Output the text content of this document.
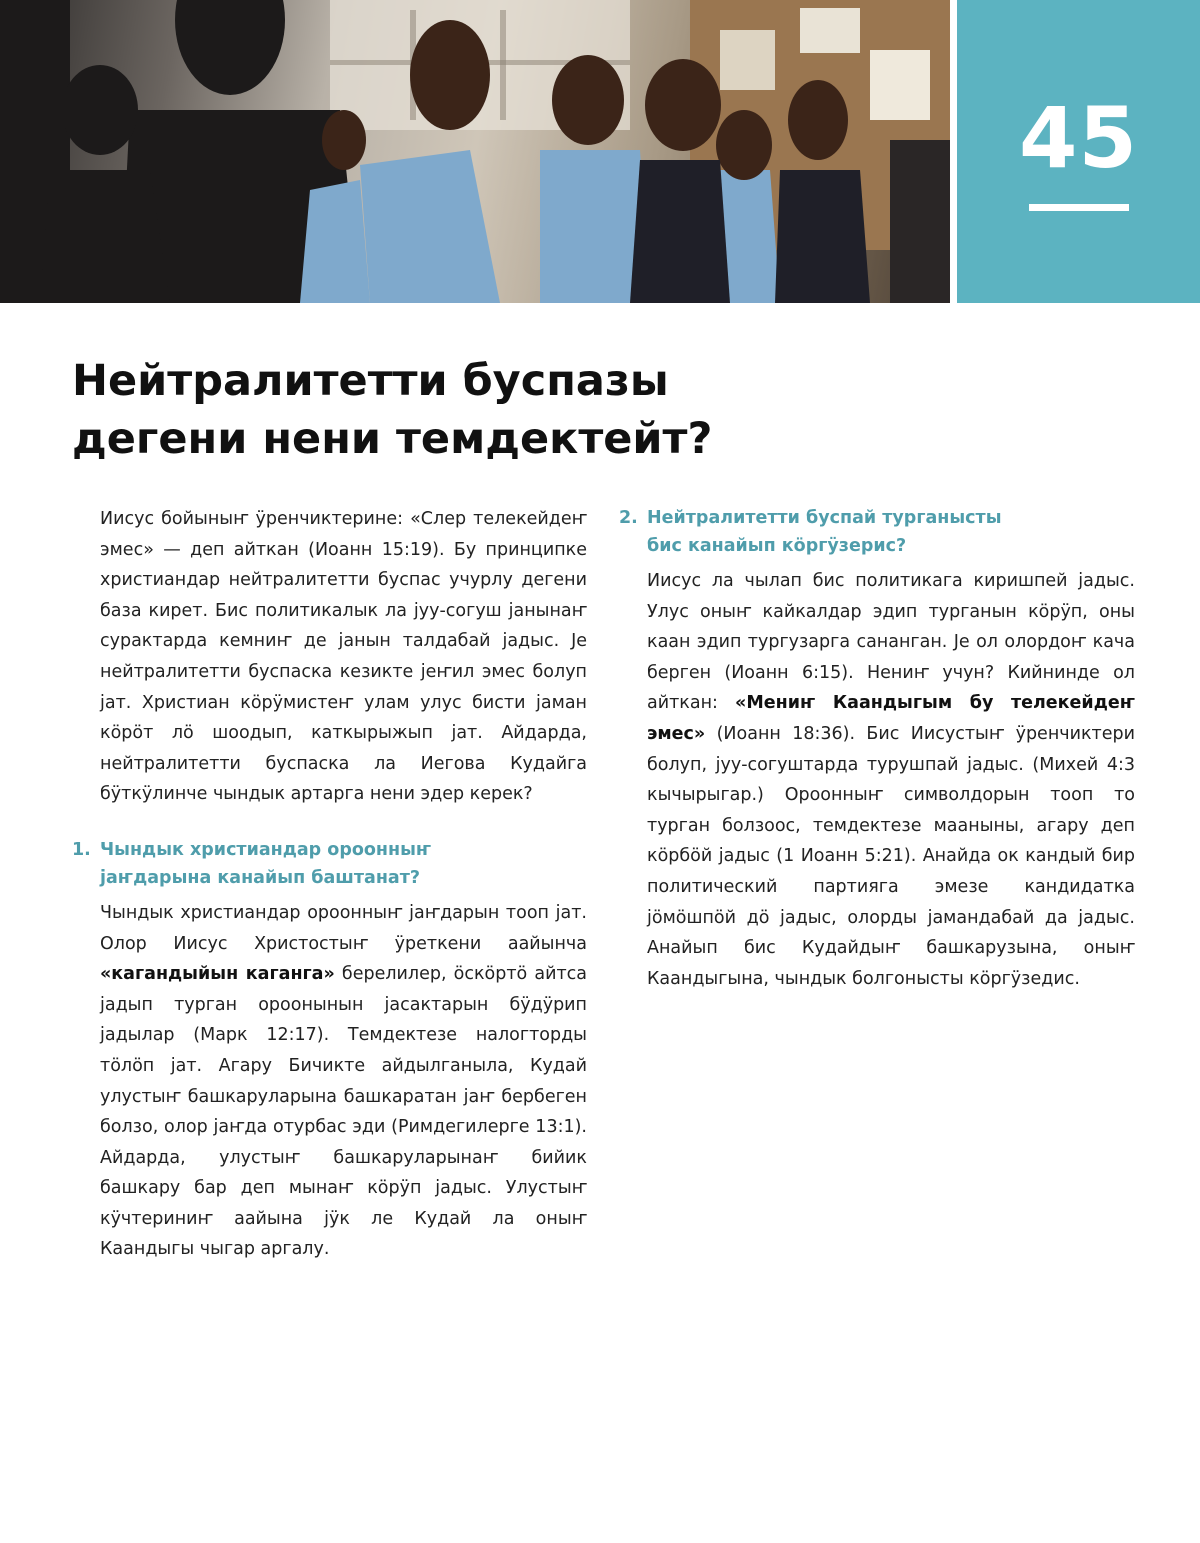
45
Нейтралитетти буспазы
дегени нени темдектейт?

Иисус бойыныҥ ӱренчиктерине: «Слер телекейдеҥ эмес» — деп айткан (Иоанн 15:19). Бу принципке христиандар нейтралитетти буспас учурлу дегени база кирет. Бис политикалык ла јуу-согуш јанынаҥ сурактарда кемниҥ де јанын талдабай јадыс. Је нейтралитетти буспаска кезикте јеҥил эмес болуп јат. Христиан кӧрӱмистеҥ улам улус бисти јаман кӧрӧт лӧ шоодып, каткырыжып јат. Айдарда, нейтралитетти буспаска ла Иегова Кудайга бӱткӱлинче чындык артарга нени эдер керек?

1. Чындык христиандар ороонныҥ
јаҥдарына канайып баштанат?

Чындык христиандар ороонныҥ јаҥдарын тооп јат. Олор Иисус Христостыҥ ӱреткени аайынча «кагандыйын каганга» берелилер, ӧскӧртӧ айтса јадып турган ороонынын јасактарын бӱдӱрип јадылар (Марк 12:17). Темдектезе налогторды тӧлӧп јат. Агару Бичикте айдылганыла, Кудай улустыҥ башкаруларына башкаратан јаҥ бербеген болзо, олор јаҥда отурбас эди (Римдегилерге 13:1). Айдарда, улустыҥ башкаруларынаҥ бийик башкару бар деп мынаҥ кӧрӱп јадыс. Улустыҥ кӱчтериниҥ аайына јӱк ле Кудай ла оныҥ Каандыгы чыгар аргалу.

2. Нейтралитетти буспай турганысты
бис канайып кӧргӱзерис?

Иисус ла чылап бис политикага киришпей јадыс. Улус оныҥ кайкалдар эдип турганын кӧрӱп, оны каан эдип тургузарга сананган. Је ол олордоҥ кача берген (Иоанн 6:15). Нениҥ учун? Кийнинде ол айткан: «Мениҥ Каандыгым бу телекейдеҥ эмес» (Иоанн 18:36). Бис Иисустыҥ ӱренчиктери болуп, јуу-согуштарда турушпай јадыс. (Михей 4:3 кычырыгар.) Ороонныҥ символдорын тооп то турган болзоос, темдектезе мааныны, агару деп кӧрбӧй јадыс (1 Иоанн 5:21). Анайда ок кандый бир политический партияга эмезе кандидатка јӧмӧшпӧй дӧ јадыс, олорды јамандабай да јадыс. Анайып бис Кудайдыҥ башкарузына, оныҥ Каандыгына, чындык болгонысты кӧргӱзедис.
